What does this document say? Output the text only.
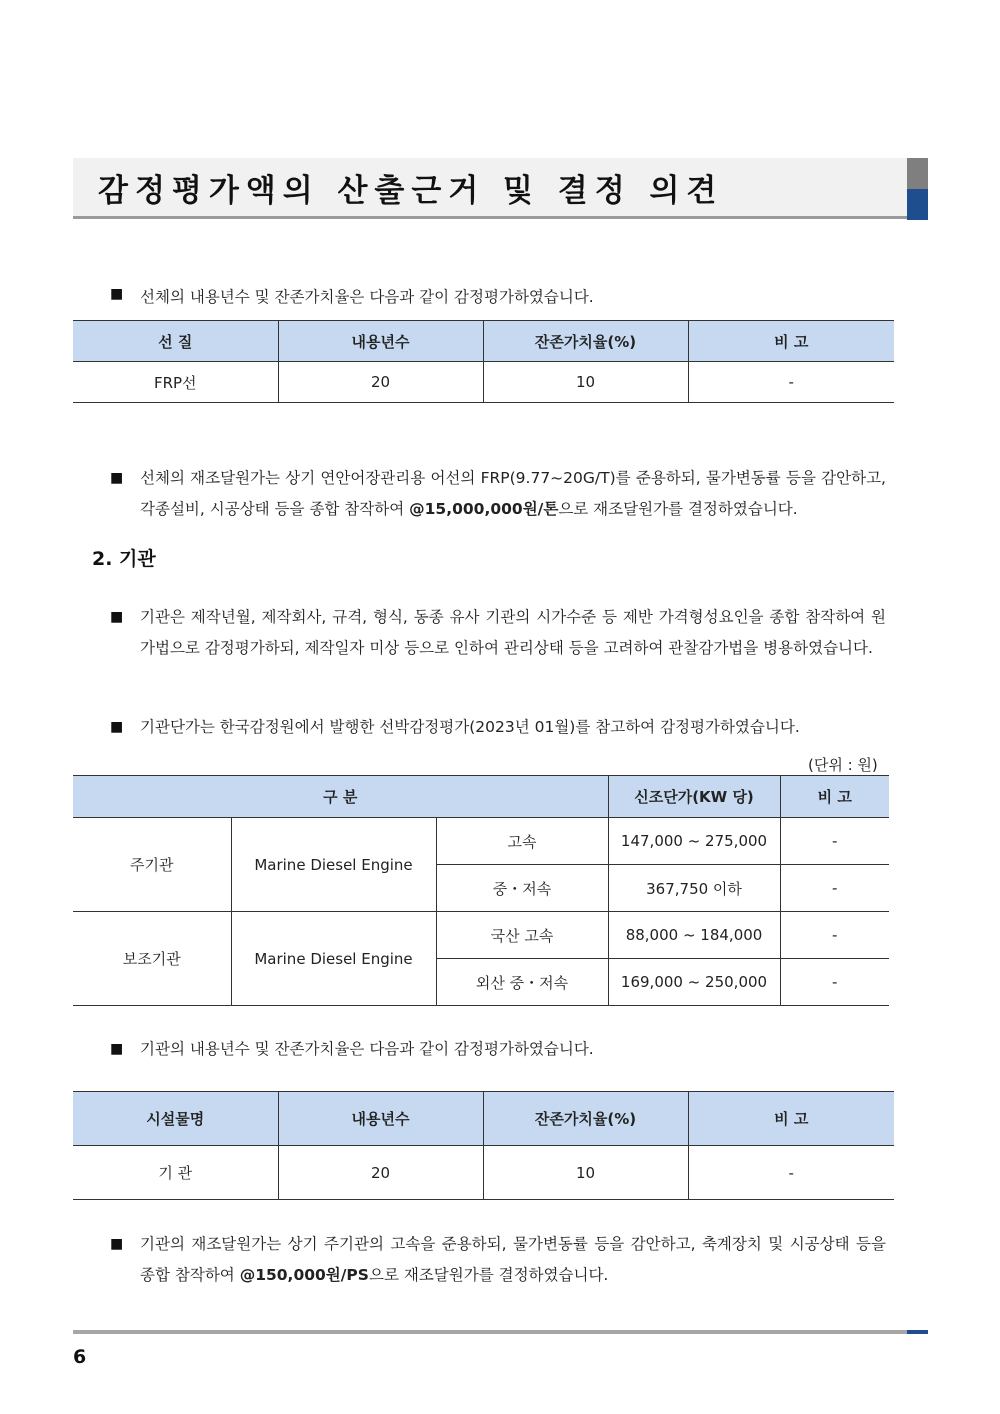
감정평가액의 산출근거 및 결정 의견
■ 선체의 내용년수 및 잔존가치율은 다음과 같이 감정평가하였습니다.
선 질	내용년수	잔존가치율(%)	비 고
FRP선	20	10	-
■ 선체의 재조달원가는 상기 연안어장관리용 어선의 FRP(9.77~20G/T)를 준용하되, 물가변동률 등을 감안하고, 각종설비, 시공상태 등을 종합 참작하여 @15,000,000원/톤으로 재조달원가를 결정하였습니다.
2. 기관
■ 기관은 제작년월, 제작회사, 규격, 형식, 동종 유사 기관의 시가수준 등 제반 가격형성요인을 종합 참작하여 원가법으로 감정평가하되, 제작일자 미상 등으로 인하여 관리상태 등을 고려하여 관찰감가법을 병용하였습니다.
■ 기관단가는 한국감정원에서 발행한 선박감정평가(2023년 01월)를 참고하여 감정평가하였습니다.
(단위 : 원)
구 분			신조단가(KW 당)	비 고
주기관	Marine Diesel Engine	고속	147,000 ~ 275,000	-
		중・저속	367,750 이하	-
보조기관	Marine Diesel Engine	국산 고속	88,000 ~ 184,000	-
		외산 중・저속	169,000 ~ 250,000	-
■ 기관의 내용년수 및 잔존가치율은 다음과 같이 감정평가하였습니다.
시설물명	내용년수	잔존가치율(%)	비 고
기 관	20	10	-
■ 기관의 재조달원가는 상기 주기관의 고속을 준용하되, 물가변동률 등을 감안하고, 축계장치 및 시공상태 등을 종합 참작하여 @150,000원/PS으로 재조달원가를 결정하였습니다.
6
